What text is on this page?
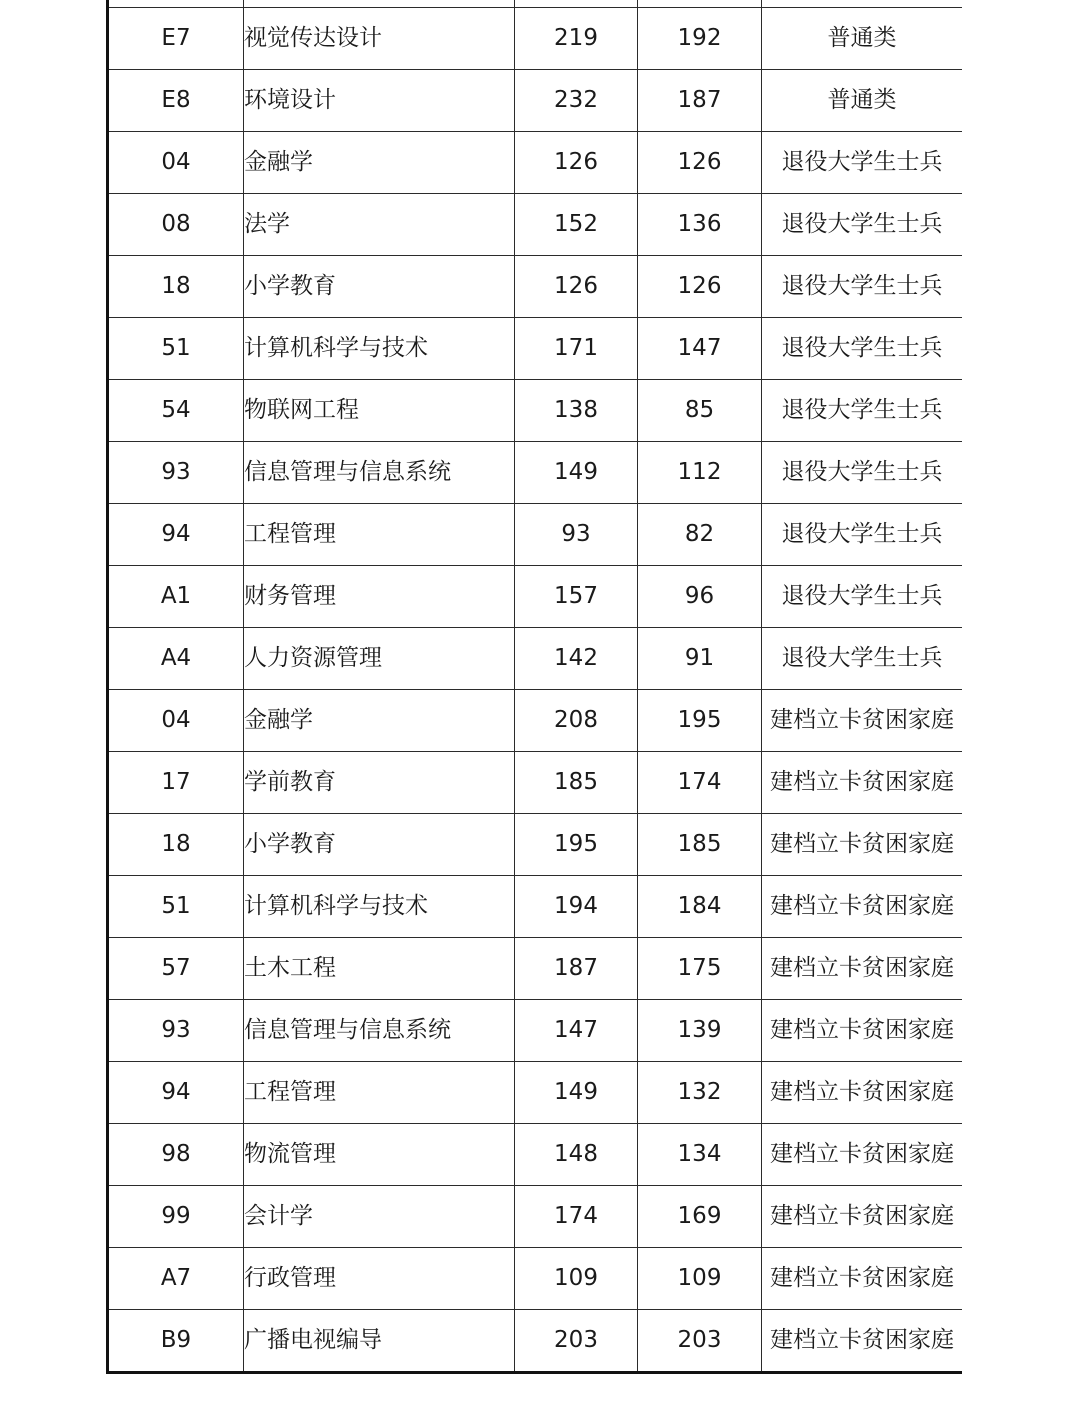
E7	视觉传达设计	219	192	普通类
E8	环境设计	232	187	普通类
04	金融学	126	126	退役大学生士兵
08	法学	152	136	退役大学生士兵
18	小学教育	126	126	退役大学生士兵
51	计算机科学与技术	171	147	退役大学生士兵
54	物联网工程	138	85	退役大学生士兵
93	信息管理与信息系统	149	112	退役大学生士兵
94	工程管理	93	82	退役大学生士兵
A1	财务管理	157	96	退役大学生士兵
A4	人力资源管理	142	91	退役大学生士兵
04	金融学	208	195	建档立卡贫困家庭
17	学前教育	185	174	建档立卡贫困家庭
18	小学教育	195	185	建档立卡贫困家庭
51	计算机科学与技术	194	184	建档立卡贫困家庭
57	土木工程	187	175	建档立卡贫困家庭
93	信息管理与信息系统	147	139	建档立卡贫困家庭
94	工程管理	149	132	建档立卡贫困家庭
98	物流管理	148	134	建档立卡贫困家庭
99	会计学	174	169	建档立卡贫困家庭
A7	行政管理	109	109	建档立卡贫困家庭
B9	广播电视编导	203	203	建档立卡贫困家庭
